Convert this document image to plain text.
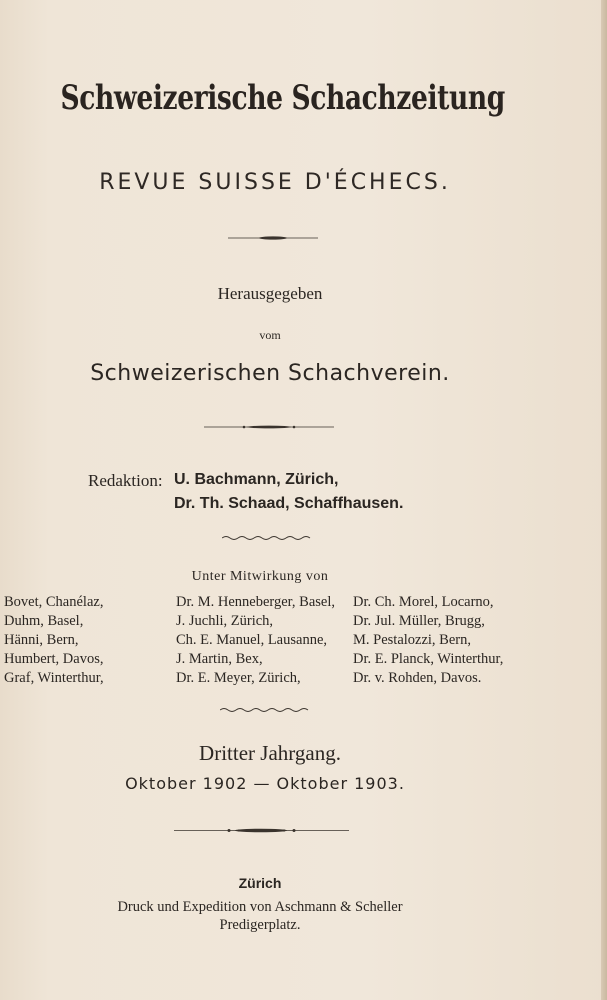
Schweizerische Schachzeitung
REVUE SUISSE D'ÉCHECS.
Herausgegeben
vom
Schweizerischen Schachverein.
Redaktion: U. Bachmann, Zürich,
Dr. Th. Schaad, Schaffhausen.
Unter Mitwirkung von
Bovet, Chanélaz,
Duhm, Basel,
Hänni, Bern,
Humbert, Davos,
Graf, Winterthur,
Dr. M. Henneberger, Basel,
J. Juchli, Zürich,
Ch. E. Manuel, Lausanne,
J. Martin, Bex,
Dr. E. Meyer, Zürich,
Dr. Ch. Morel, Locarno,
Dr. Jul. Müller, Brugg,
M. Pestalozzi, Bern,
Dr. E. Planck, Winterthur,
Dr. v. Rohden, Davos.
Dritter Jahrgang.
Oktober 1902 — Oktober 1903.
Zürich
Druck und Expedition von Aschmann & Scheller
Predigerplatz.
